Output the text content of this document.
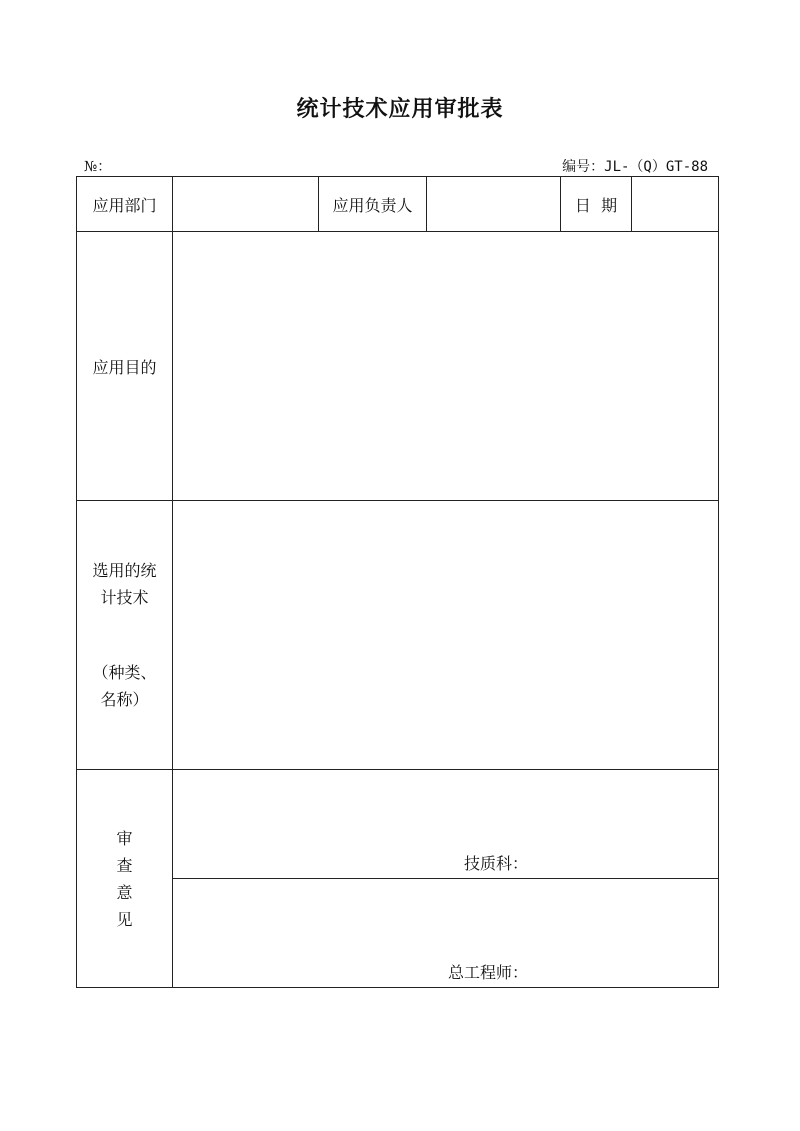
统计技术应用审批表
№：	编号：JL-（Q）GT-88
应用部门		应用负责人		日  期	
应用目的					

选用的统
计技术
（种类、
名称）					

审
查
意
见	技质科：				

	总工程师：				
